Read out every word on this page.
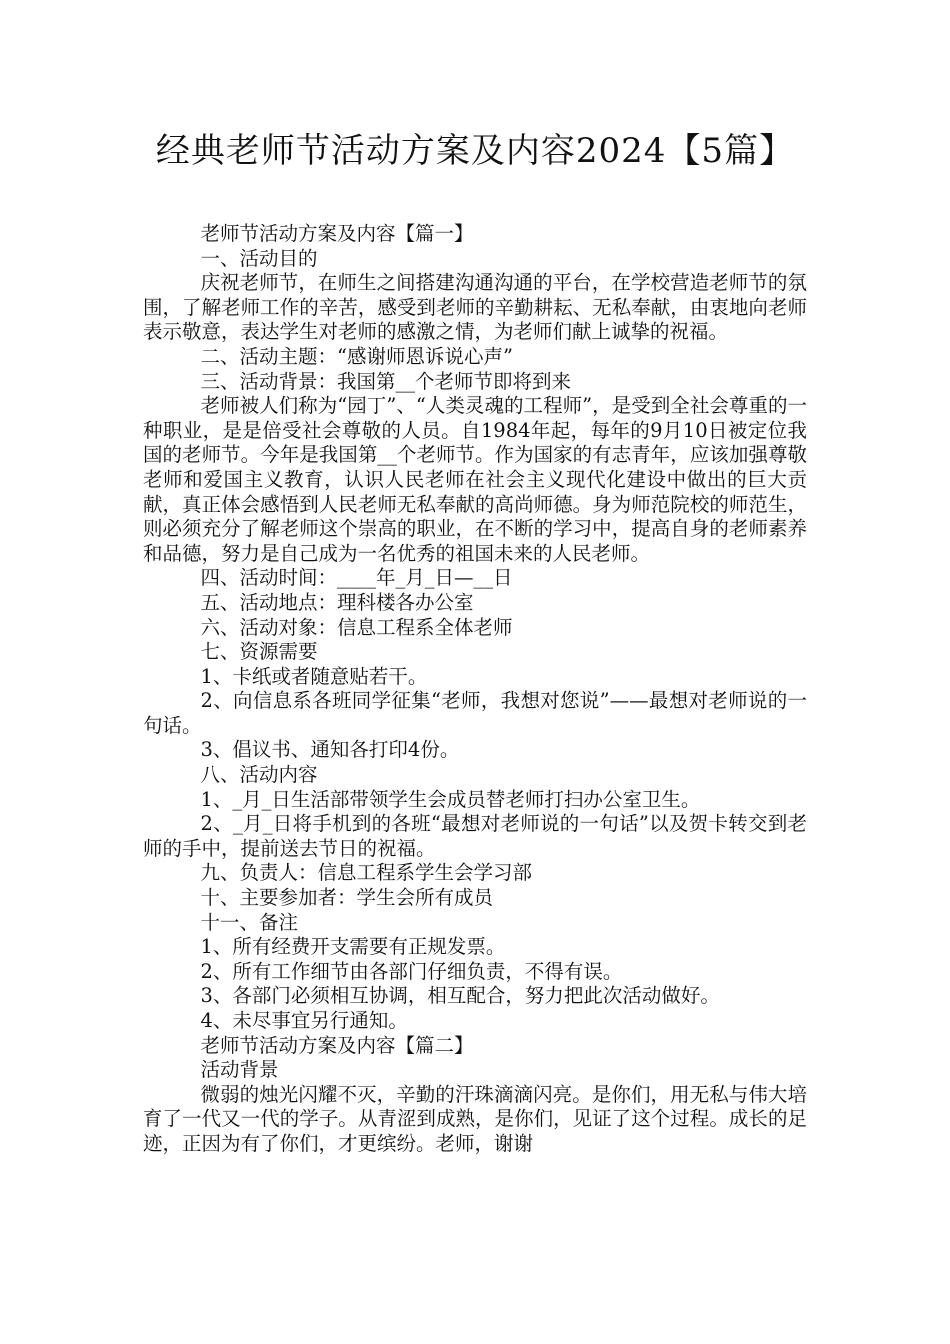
经典老师节活动方案及内容2024【5篇】

老师节活动方案及内容【篇一】

一、活动目的

庆祝老师节，在师生之间搭建沟通沟通的平台，在学校营造老师节的氛围，了解老师工作的辛苦，感受到老师的辛勤耕耘、无私奉献，由衷地向老师表示敬意，表达学生对老师的感激之情，为老师们献上诚挚的祝福。

二、活动主题：“感谢师恩诉说心声”

三、活动背景：我国第__个老师节即将到来

老师被人们称为“园丁”、“人类灵魂的工程师”，是受到全社会尊重的一种职业，是是倍受社会尊敬的人员。自1984年起，每年的9月10日被定位我国的老师节。今年是我国第__个老师节。作为国家的有志青年，应该加强尊敬老师和爱国主义教育，认识人民老师在社会主义现代化建设中做出的巨大贡献，真正体会感悟到人民老师无私奉献的高尚师德。身为师范院校的师范生，则必须充分了解老师这个崇高的职业，在不断的学习中，提高自身的老师素养和品德，努力是自己成为一名优秀的祖国未来的人民老师。

四、活动时间：____年_月_日—__日

五、活动地点：理科楼各办公室

六、活动对象：信息工程系全体老师

七、资源需要

1、卡纸或者随意贴若干。

2、向信息系各班同学征集“老师，我想对您说”——最想对老师说的一句话。

3、倡议书、通知各打印4份。

八、活动内容

1、_月_日生活部带领学生会成员替老师打扫办公室卫生。

2、_月_日将手机到的各班“最想对老师说的一句话”以及贺卡转交到老师的手中，提前送去节日的祝福。

九、负责人：信息工程系学生会学习部

十、主要参加者：学生会所有成员

十一、备注

1、所有经费开支需要有正规发票。

2、所有工作细节由各部门仔细负责，不得有误。

3、各部门必须相互协调，相互配合，努力把此次活动做好。

4、未尽事宜另行通知。

老师节活动方案及内容【篇二】

活动背景

微弱的烛光闪耀不灭，辛勤的汗珠滴滴闪亮。是你们，用无私与伟大培育了一代又一代的学子。从青涩到成熟，是你们，见证了这个过程。成长的足迹，正因为有了你们，才更缤纷。老师，谢谢
